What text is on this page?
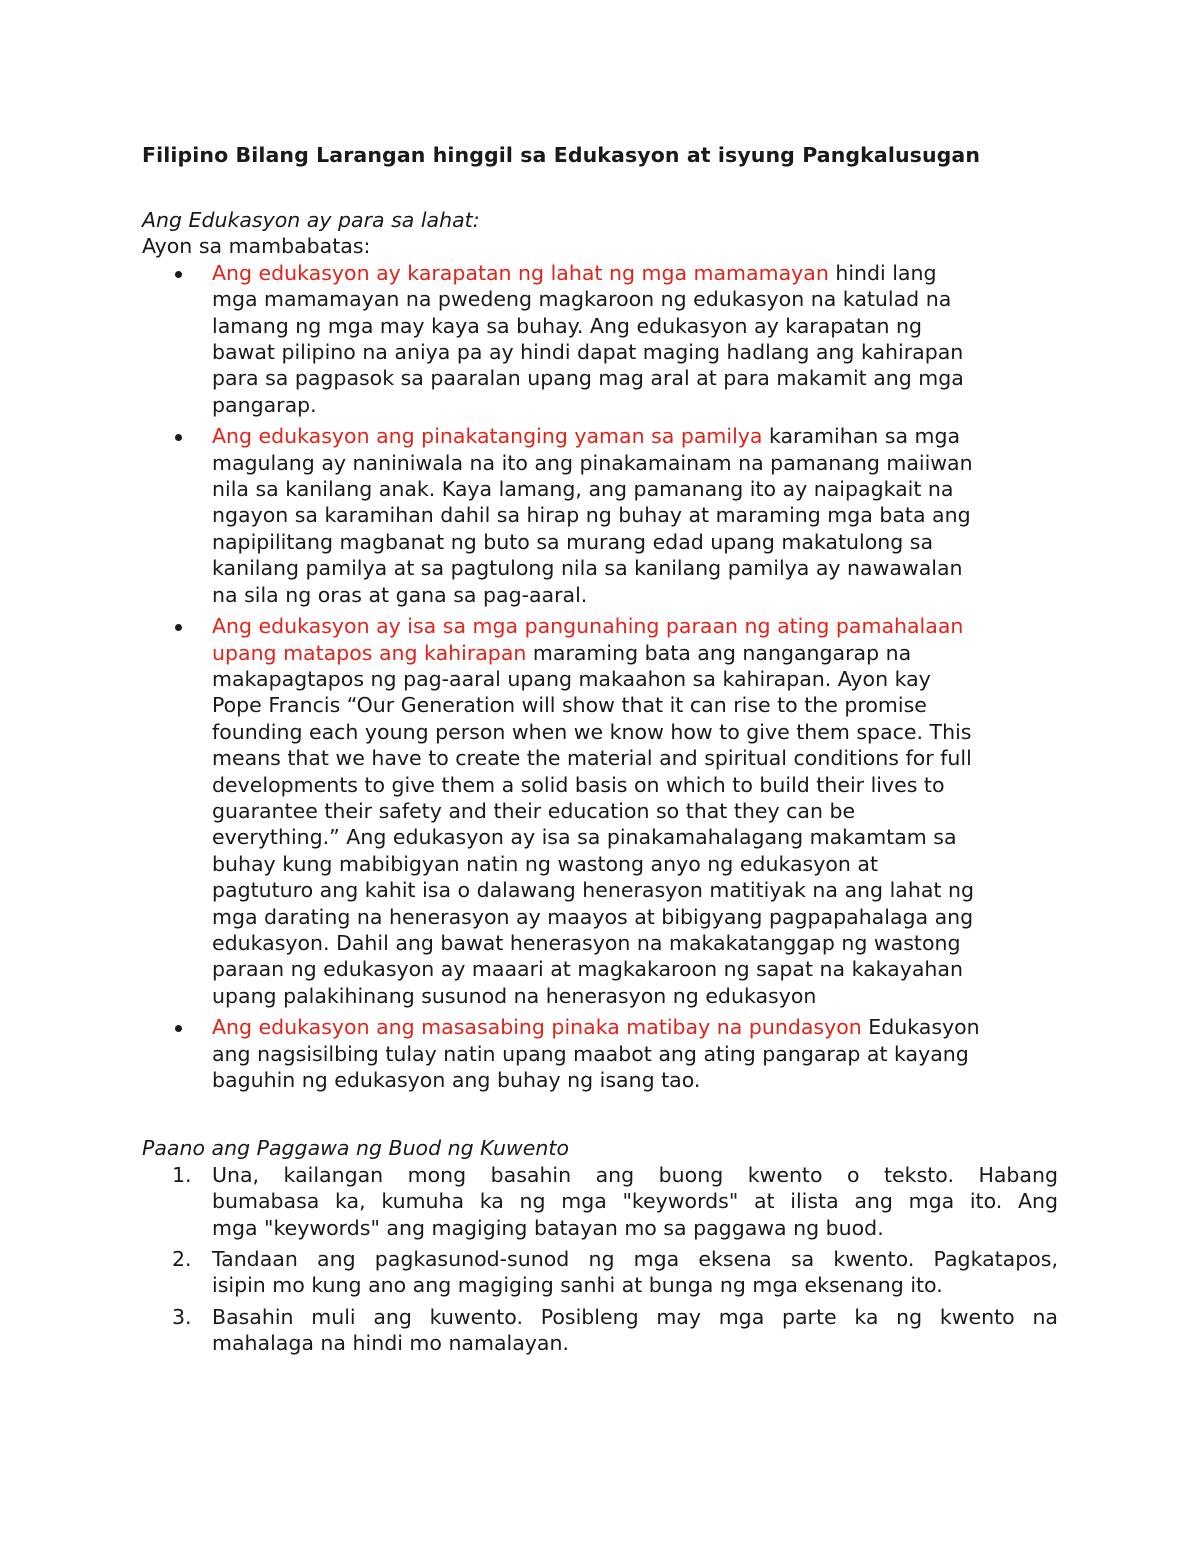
Filipino Bilang Larangan hinggil sa Edukasyon at isyung Pangkalusugan

Ang Edukasyon ay para sa lahat:

Ayon sa mambabatas:

Ang edukasyon ay karapatan ng lahat ng mga mamamayan hindi lang
mga mamamayan na pwedeng magkaroon ng edukasyon na katulad na
lamang ng mga may kaya sa buhay. Ang edukasyon ay karapatan ng
bawat pilipino na aniya pa ay hindi dapat maging hadlang ang kahirapan
para sa pagpasok sa paaralan upang mag aral at para makamit ang mga
pangarap.
Ang edukasyon ang pinakatanging yaman sa pamilya karamihan sa mga
magulang ay naniniwala na ito ang pinakamainam na pamanang maiiwan
nila sa kanilang anak. Kaya lamang, ang pamanang ito ay naipagkait na
ngayon sa karamihan dahil sa hirap ng buhay at maraming mga bata ang
napipilitang magbanat ng buto sa murang edad upang makatulong sa
kanilang pamilya at sa pagtulong nila sa kanilang pamilya ay nawawalan
na sila ng oras at gana sa pag-aaral.
Ang edukasyon ay isa sa mga pangunahing paraan ng ating pamahalaan
upang matapos ang kahirapan maraming bata ang nangangarap na
makapagtapos ng pag-aaral upang makaahon sa kahirapan. Ayon kay
Pope Francis “Our Generation will show that it can rise to the promise
founding each young person when we know how to give them space. This
means that we have to create the material and spiritual conditions for full
developments to give them a solid basis on which to build their lives to
guarantee their safety and their education so that they can be
everything.” Ang edukasyon ay isa sa pinakamahalagang makamtam sa
buhay kung mabibigyan natin ng wastong anyo ng edukasyon at
pagtuturo ang kahit isa o dalawang henerasyon matitiyak na ang lahat ng
mga darating na henerasyon ay maayos at bibigyang pagpapahalaga ang
edukasyon. Dahil ang bawat henerasyon na makakatanggap ng wastong
paraan ng edukasyon ay maaari at magkakaroon ng sapat na kakayahan
upang palakihinang susunod na henerasyon ng edukasyon
Ang edukasyon ang masasabing pinaka matibay na pundasyon Edukasyon
ang nagsisilbing tulay natin upang maabot ang ating pangarap at kayang
baguhin ng edukasyon ang buhay ng isang tao.

Paano ang Paggawa ng Buod ng Kuwento

1. Una, kailangan mong basahin ang buong kwento o teksto. Habang
bumabasa ka, kumuha ka ng mga "keywords" at ilista ang mga ito. Ang
mga "keywords" ang magiging batayan mo sa paggawa ng buod.
2. Tandaan ang pagkasunod-sunod ng mga eksena sa kwento. Pagkatapos,
isipin mo kung ano ang magiging sanhi at bunga ng mga eksenang ito.
3. Basahin muli ang kuwento. Posibleng may mga parte ka ng kwento na
mahalaga na hindi mo namalayan.
